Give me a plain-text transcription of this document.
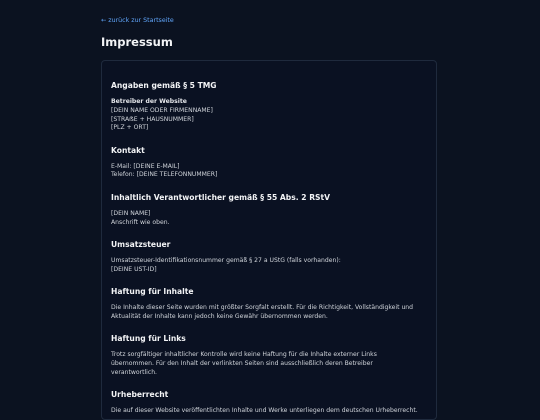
← zurück zur Startseite
Impressum
Angaben gemäß § 5 TMG

Betreiber der Website

[DEIN NAME ODER FIRMENNAME]

[STRAẞE + HAUSNUMMER]

[PLZ + ORT]

Kontakt

E-Mail: [DEINE E-MAIL]

Telefon: [DEINE TELEFONNUMMER]

Inhaltlich Verantwortlicher gemäß § 55 Abs. 2 RStV

[DEIN NAME]

Anschrift wie oben.

Umsatzsteuer

Umsatzsteuer-Identifikationsnummer gemäß § 27 a UStG (falls vorhanden):

[DEINE UST-ID]

Haftung für Inhalte

Die Inhalte dieser Seite wurden mit größter Sorgfalt erstellt. Für die Richtigkeit, Vollständigkeit und

Aktualität der Inhalte kann jedoch keine Gewähr übernommen werden.

Haftung für Links

Trotz sorgfältiger inhaltlicher Kontrolle wird keine Haftung für die Inhalte externer Links

übernommen. Für den Inhalt der verlinkten Seiten sind ausschließlich deren Betreiber

verantwortlich.

Urheberrecht

Die auf dieser Website veröffentlichten Inhalte und Werke unterliegen dem deutschen Urheberrecht.
